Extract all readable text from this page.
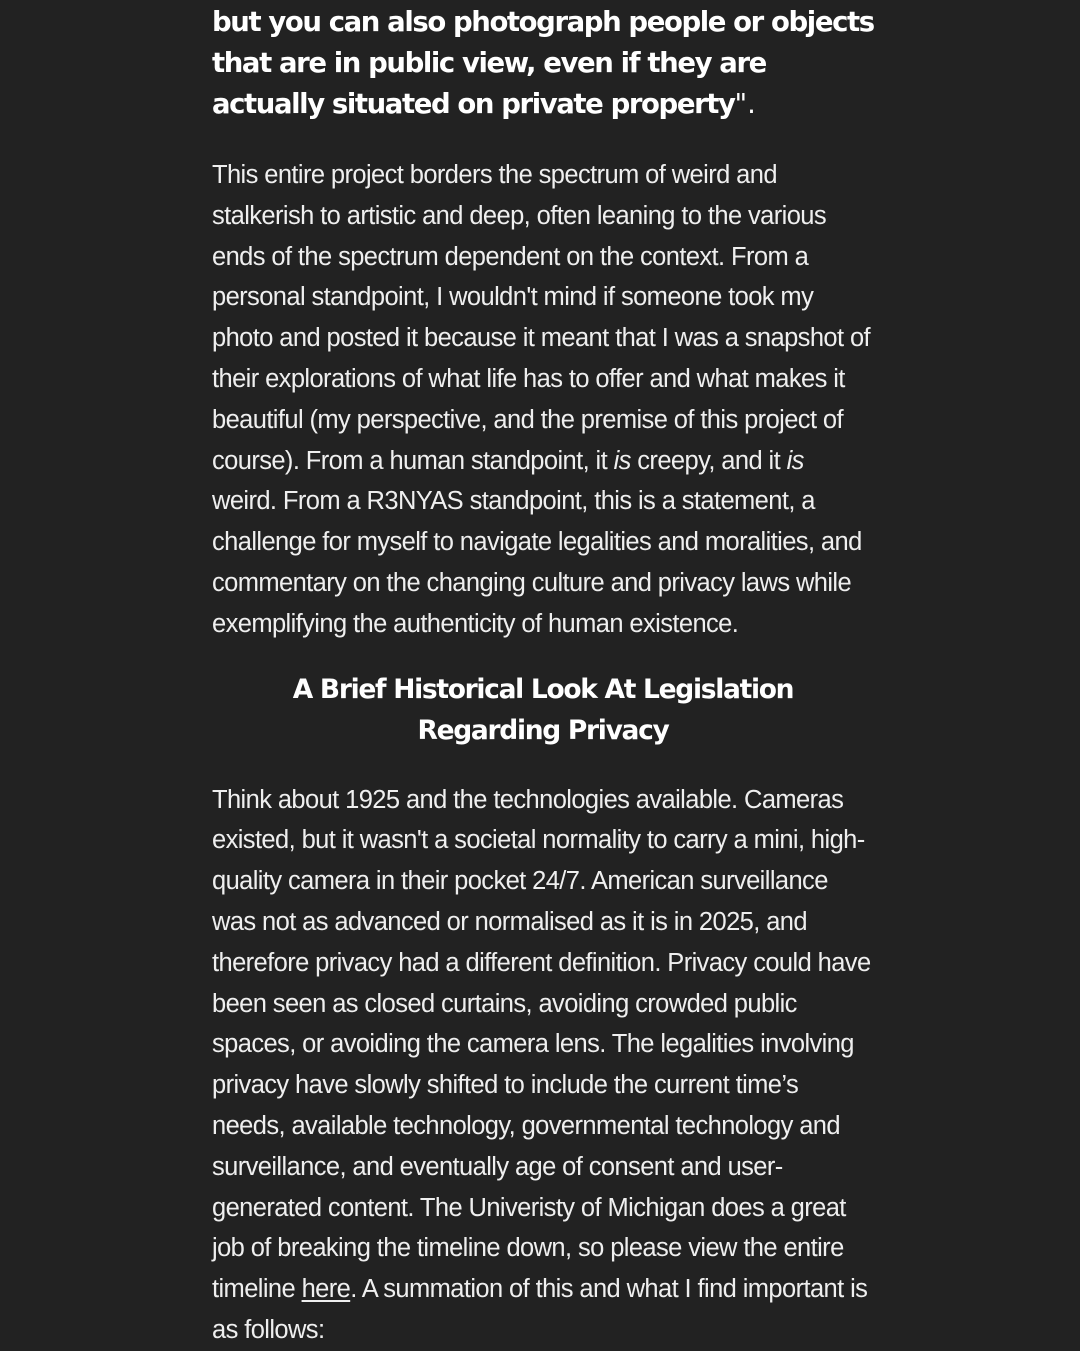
but you can also photograph people or objects that are in public view, even if they are actually situated on private property".

This entire project borders the spectrum of weird and stalkerish to artistic and deep, often leaning to the various ends of the spectrum dependent on the context. From a personal standpoint, I wouldn't mind if someone took my photo and posted it because it meant that I was a snapshot of their explorations of what life has to offer and what makes it beautiful (my perspective, and the premise of this project of course). From a human standpoint, it is creepy, and it is weird. From a R3NYAS standpoint, this is a statement, a challenge for myself to navigate legalities and moralities, and commentary on the changing culture and privacy laws while exemplifying the authenticity of human existence.

A Brief Historical Look At Legislation Regarding Privacy

Think about 1925 and the technologies available. Cameras existed, but it wasn't a societal normality to carry a mini, high-quality camera in their pocket 24/7. American surveillance was not as advanced or normalised as it is in 2025, and therefore privacy had a different definition. Privacy could have been seen as closed curtains, avoiding crowded public spaces, or avoiding the camera lens. The legalities involving privacy have slowly shifted to include the current time’s needs, available technology, governmental technology and surveillance, and eventually age of consent and user-generated content. The Univeristy of Michigan does a great job of breaking the timeline down, so please view the entire timeline here. A summation of this and what I find important is as follows:
